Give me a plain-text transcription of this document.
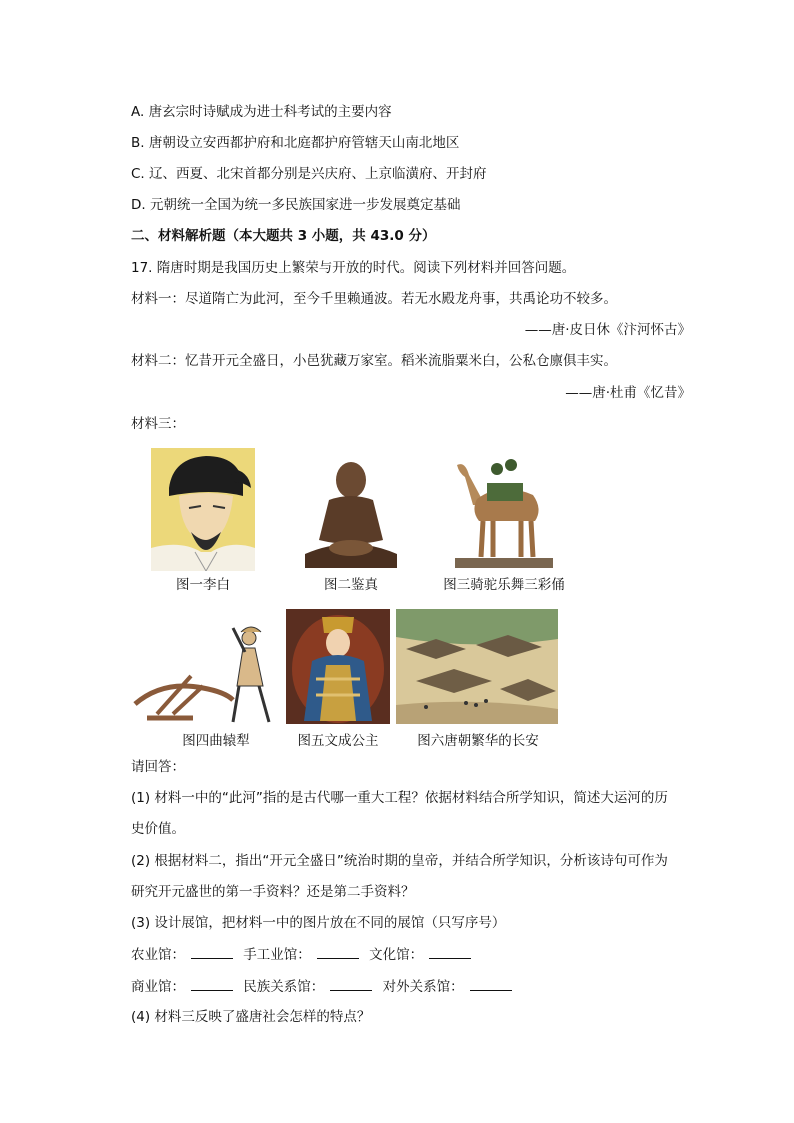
A. 唐玄宗时诗赋成为进士科考试的主要内容
B. 唐朝设立安西都护府和北庭都护府管辖天山南北地区
C. 辽、西夏、北宋首都分别是兴庆府、上京临潢府、开封府
D. 元朝统一全国为统一多民族国家进一步发展奠定基础
二、材料解析题（本大题共 3 小题，共 43.0 分）
17. 隋唐时期是我国历史上繁荣与开放的时代。阅读下列材料并回答问题。
材料一：尽道隋亡为此河，至今千里赖通波。若无水殿龙舟事，共禹论功不较多。
——唐·皮日休《汴河怀古》
材料二：忆昔开元全盛日，小邑犹藏万家室。稻米流脂粟米白，公私仓廪俱丰实。
——唐·杜甫《忆昔》
材料三：
图一李白	图二鉴真	图三骑驼乐舞三彩俑
图四曲辕犁	图五文成公主	图六唐朝繁华的长安
请回答：
(1) 材料一中的“此河”指的是古代哪一重大工程？依据材料结合所学知识，简述大运河的历
史价值。
(2) 根据材料二，指出“开元全盛日”统治时期的皇帝，并结合所学知识，分析该诗句可作为
研究开元盛世的第一手资料？还是第二手资料？
(3) 设计展馆，把材料一中的图片放在不同的展馆（只写序号）
农业馆：	手工业馆：	文化馆：
商业馆：	民族关系馆：	对外关系馆：
(4) 材料三反映了盛唐社会怎样的特点？
